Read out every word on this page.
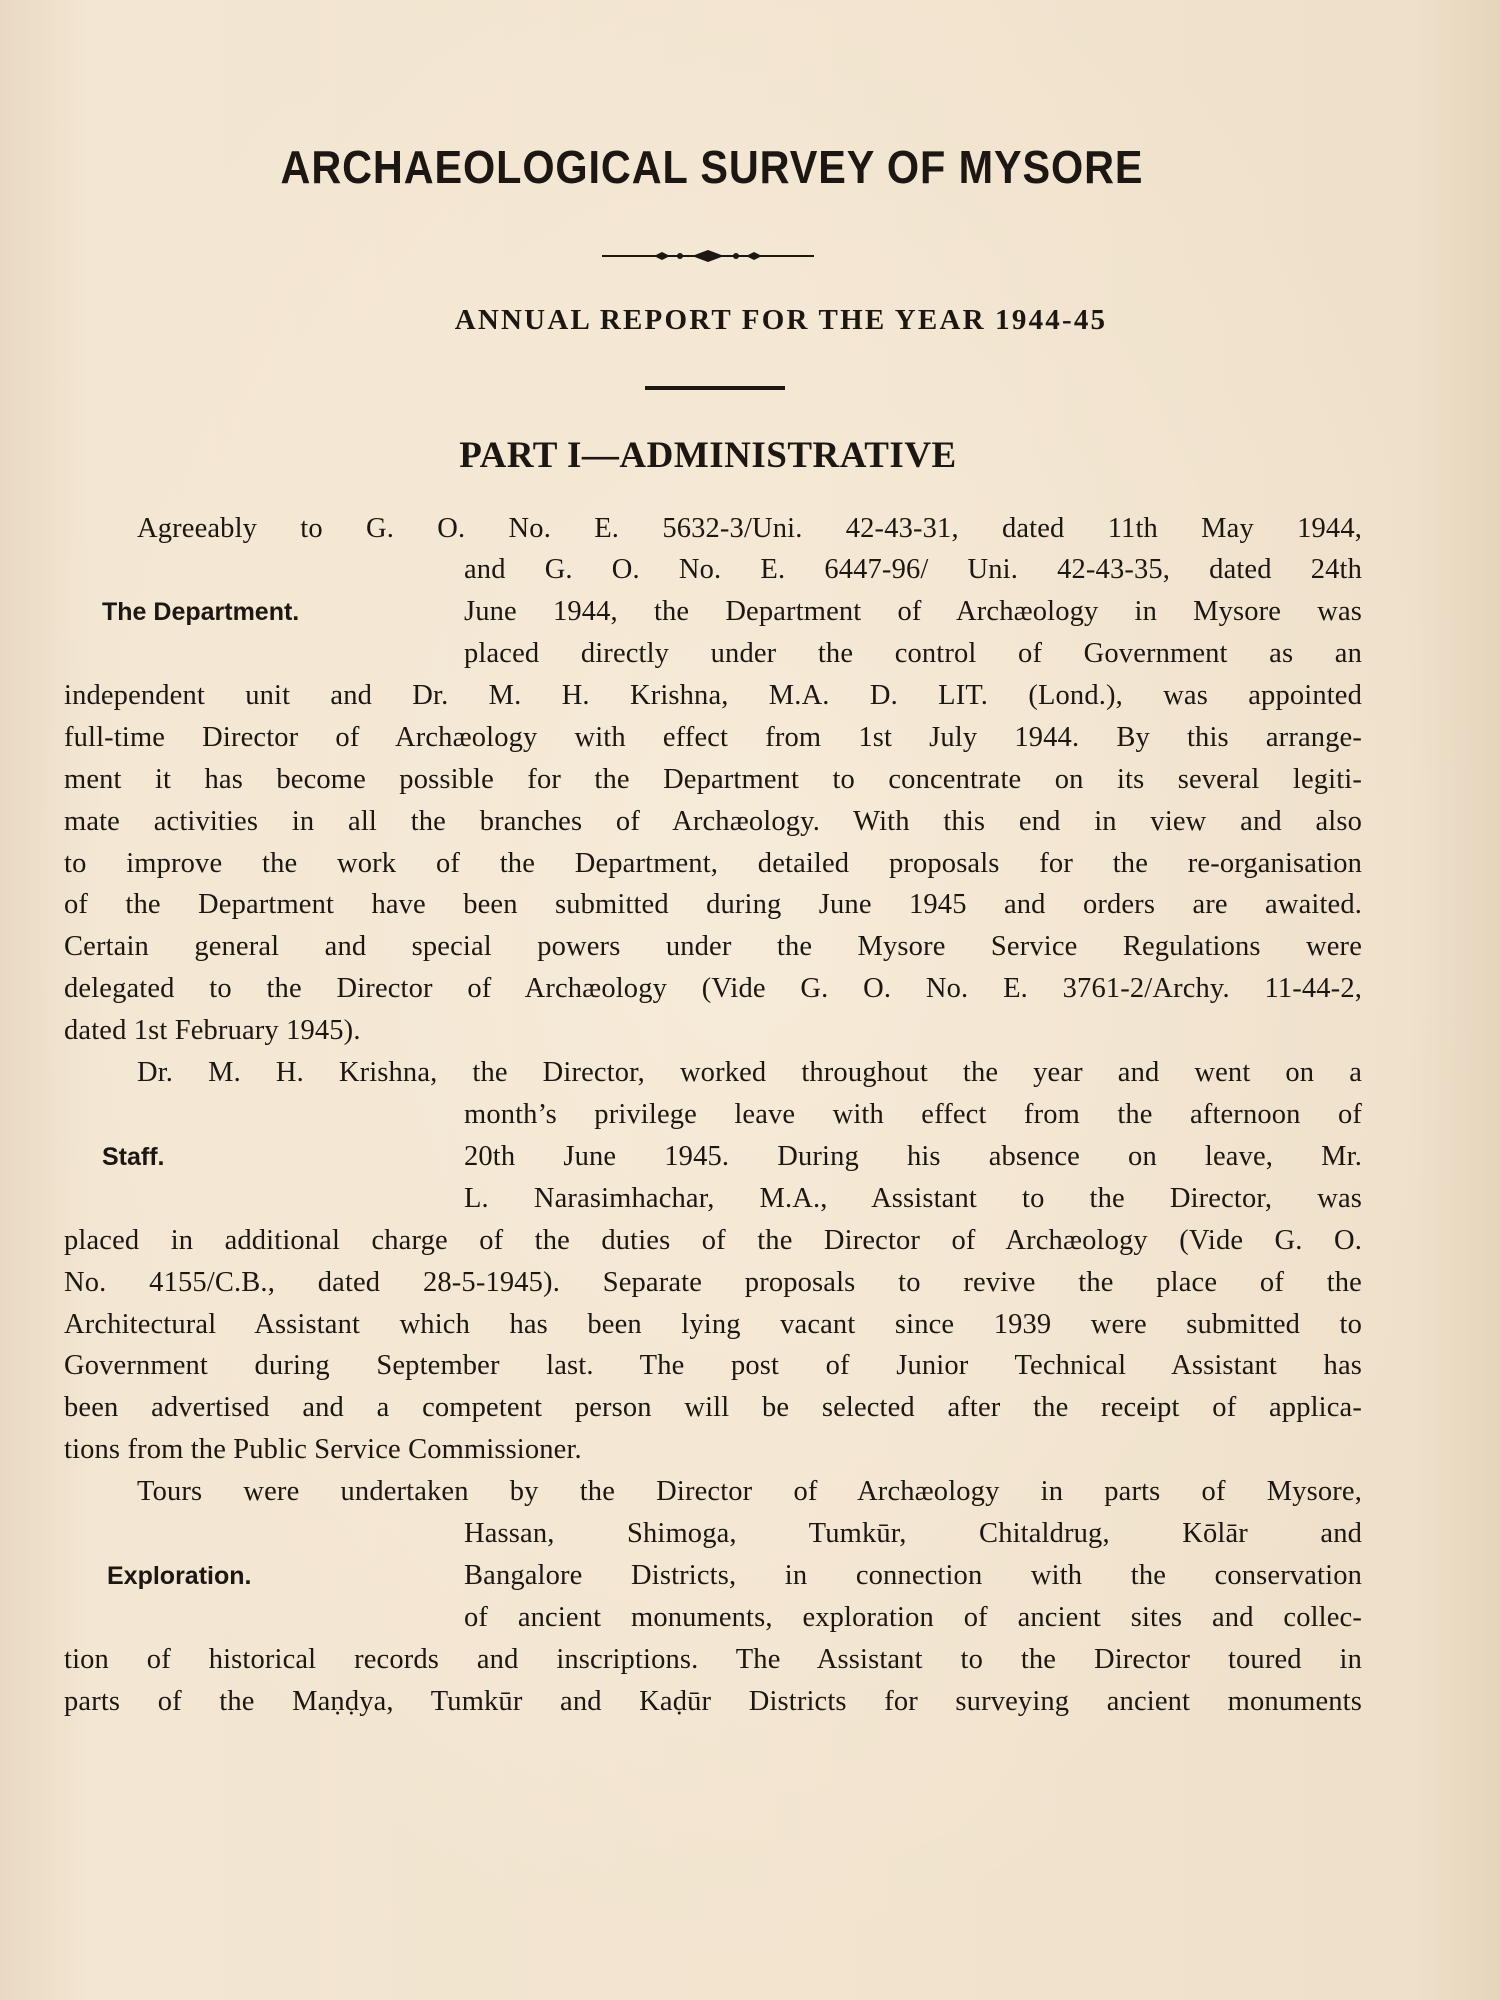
ARCHAEOLOGICAL SURVEY OF MYSORE
ANNUAL REPORT FOR THE YEAR 1944-45
PART I—ADMINISTRATIVE
The Department.
Agreeably to G. O. No. E. 5632-3/Uni. 42-43-31, dated 11th May 1944,
and G. O. No. E. 6447-96/ Uni. 42-43-35, dated 24th
June 1944, the Department of Archæology in Mysore was
placed directly under the control of Government as an
independent unit and Dr. M. H. Krishna, M.A. D. LIT. (Lond.), was appointed
full-time Director of Archæology with effect from 1st July 1944. By this arrange-
ment it has become possible for the Department to concentrate on its several legiti-
mate activities in all the branches of Archæology. With this end in view and also
to improve the work of the Department, detailed proposals for the re-organisation
of the Department have been submitted during June 1945 and orders are awaited.
Certain general and special powers under the Mysore Service Regulations were
delegated to the Director of Archæology (Vide G. O. No. E. 3761-2/Archy. 11-44-2,
dated 1st February 1945).
Staff.
Dr. M. H. Krishna, the Director, worked throughout the year and went on a
month’s privilege leave with effect from the afternoon of
20th June 1945. During his absence on leave, Mr.
L. Narasimhachar, M.A., Assistant to the Director, was
placed in additional charge of the duties of the Director of Archæology (Vide G. O.
No. 4155/C.B., dated 28-5-1945). Separate proposals to revive the place of the
Architectural Assistant which has been lying vacant since 1939 were submitted to
Government during September last. The post of Junior Technical Assistant has
been advertised and a competent person will be selected after the receipt of applica-
tions from the Public Service Commissioner.
Exploration.
Tours were undertaken by the Director of Archæology in parts of Mysore,
Hassan, Shimoga, Tumkūr, Chitaldrug, Kōlār and
Bangalore Districts, in connection with the conservation
of ancient monuments, exploration of ancient sites and collec-
tion of historical records and inscriptions. The Assistant to the Director toured in
parts of the Maṇḍya, Tumkūr and Kaḍūr Districts for surveying ancient monuments
